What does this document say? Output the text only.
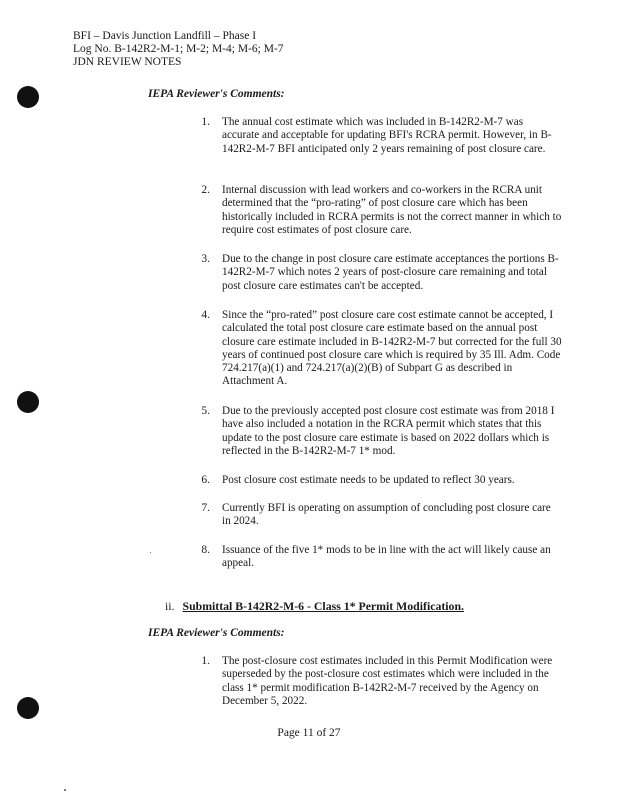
BFI – Davis Junction Landfill – Phase I
Log No. B-142R2-M-1; M-2; M-4; M-6; M-7
JDN REVIEW NOTES
IEPA Reviewer's Comments:
1. The annual cost estimate which was included in B-142R2-M-7 was accurate and acceptable for updating BFI's RCRA permit. However, in B-142R2-M-7 BFI anticipated only 2 years remaining of post closure care.
2. Internal discussion with lead workers and co-workers in the RCRA unit determined that the “pro-rating” of post closure care which has been historically included in RCRA permits is not the correct manner in which to require cost estimates of post closure care.
3. Due to the change in post closure care estimate acceptances the portions B-142R2-M-7 which notes 2 years of post-closure care remaining and total post closure care estimates can't be accepted.
4. Since the “pro-rated” post closure care cost estimate cannot be accepted, I calculated the total post closure care estimate based on the annual post closure care estimate included in B-142R2-M-7 but corrected for the full 30 years of continued post closure care which is required by 35 Ill. Adm. Code 724.217(a)(1) and 724.217(a)(2)(B) of Subpart G as described in Attachment A.
5. Due to the previously accepted post closure cost estimate was from 2018 I have also included a notation in the RCRA permit which states that this update to the post closure care estimate is based on 2022 dollars which is reflected in the B-142R2-M-7 1* mod.
6. Post closure cost estimate needs to be updated to reflect 30 years.
7. Currently BFI is operating on assumption of concluding post closure care in 2024.
8. Issuance of the five 1* mods to be in line with the act will likely cause an appeal.
ii. Submittal B-142R2-M-6 - Class 1* Permit Modification.
IEPA Reviewer's Comments:
1. The post-closure cost estimates included in this Permit Modification were superseded by the post-closure cost estimates which were included in the class 1* permit modification B-142R2-M-7 received by the Agency on December 5, 2022.
Page 11 of 27
